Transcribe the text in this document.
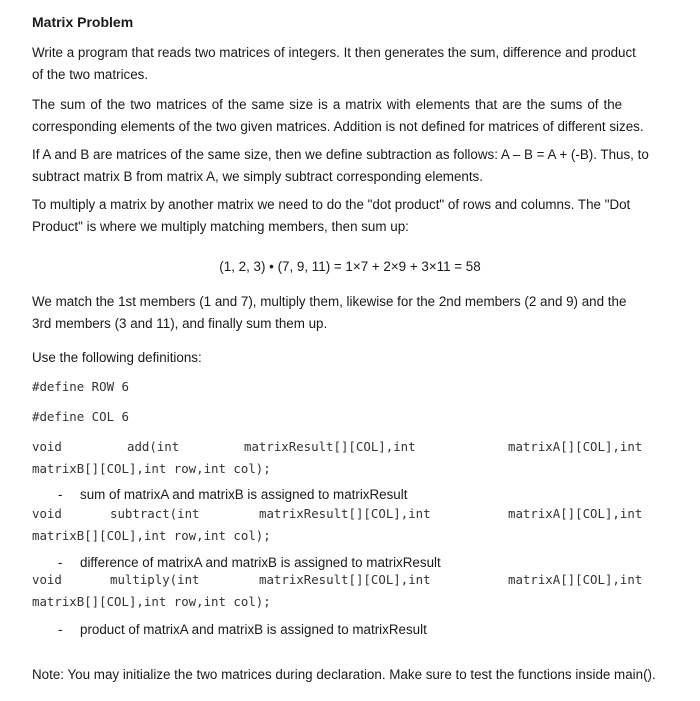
Matrix Problem

Write a program that reads two matrices of integers. It then generates the sum, difference and product
of the two matrices.

The sum of the two matrices of the same size is a matrix with elements that are the sums of the
corresponding elements of the two given matrices. Addition is not defined for matrices of different sizes.

If A and B are matrices of the same size, then we define subtraction as follows: A – B = A + (-B). Thus, to
subtract matrix B from matrix A, we simply subtract corresponding elements.

To multiply a matrix by another matrix we need to do the "dot product" of rows and columns. The "Dot
Product" is where we multiply matching members, then sum up:

(1, 2, 3) • (7, 9, 11) = 1×7 + 2×9 + 3×11 = 58

We match the 1st members (1 and 7), multiply them, likewise for the 2nd members (2 and 9) and the
3rd members (3 and 11), and finally sum them up.

Use the following definitions:

#define ROW 6

#define COL 6

void

	add(int

	matrixResult[][COL],int

	matrixA[][COL],int

matrixB[][COL],int row,int col);

- sum of matrixA and matrixB is assigned to matrixResult

void

	subtract(int

	matrixResult[][COL],int

	matrixA[][COL],int

matrixB[][COL],int row,int col);

- difference of matrixA and matrixB is assigned to matrixResult

void

	multiply(int

	matrixResult[][COL],int

	matrixA[][COL],int

matrixB[][COL],int row,int col);

- product of matrixA and matrixB is assigned to matrixResult

Note: You may initialize the two matrices during declaration. Make sure to test the functions inside main().
